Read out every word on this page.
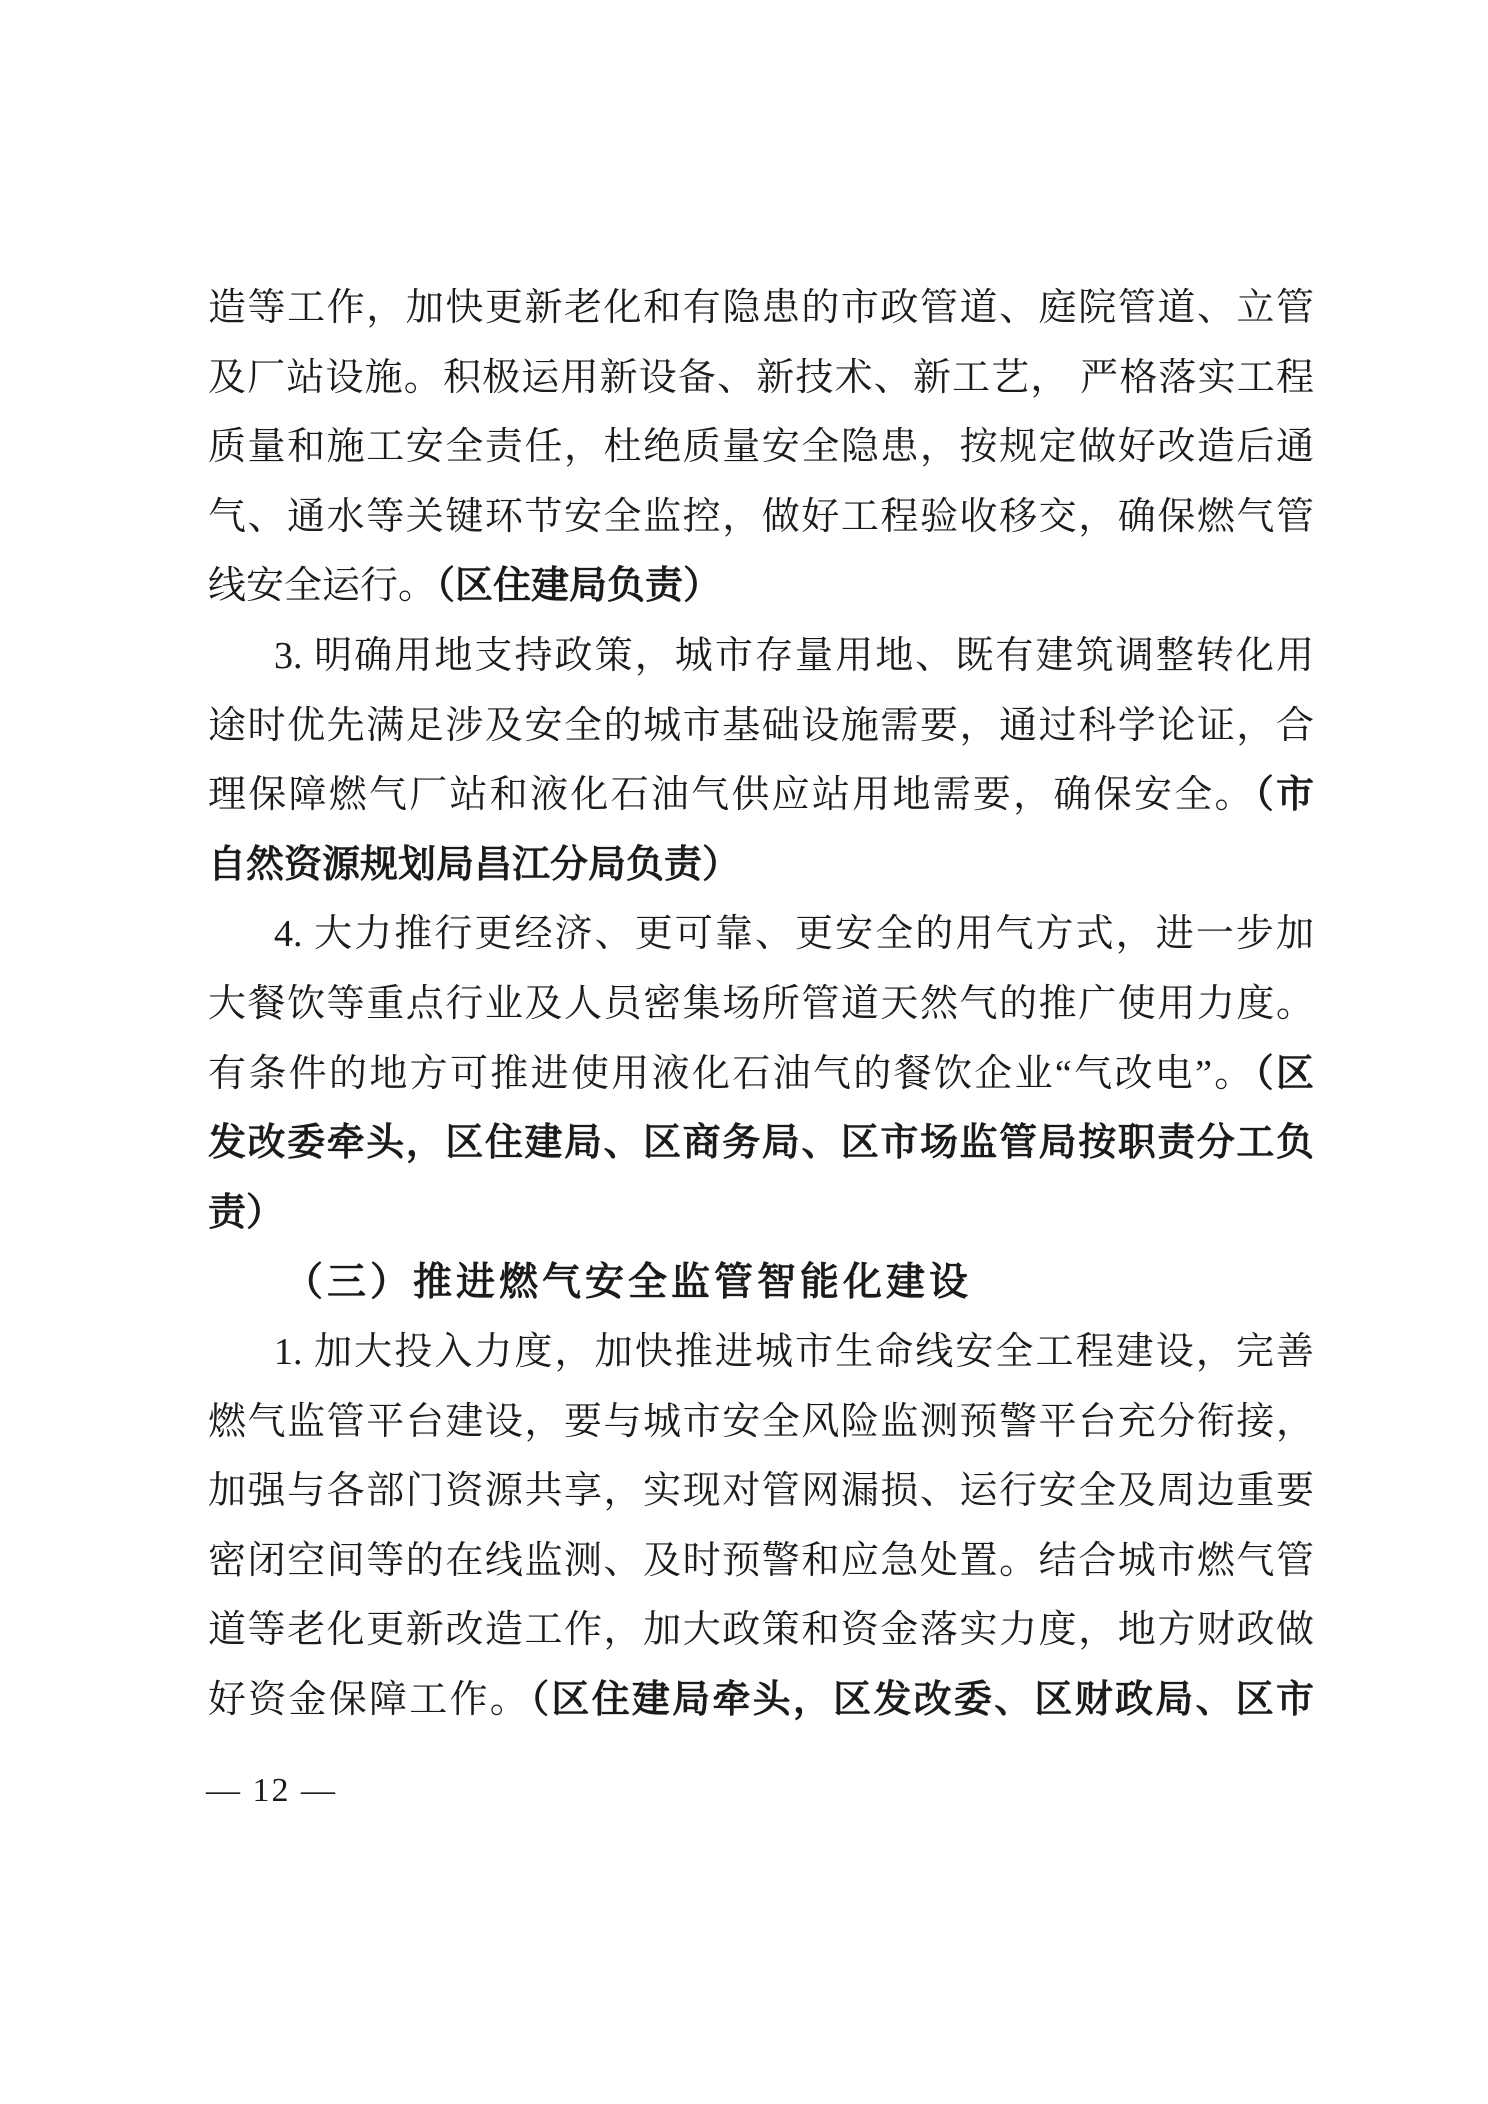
造等工作，加快更新老化和有隐患的市政管道、庭院管道、立管
及厂站设施。积极运用新设备、新技术、新工艺， 严格落实工程
质量和施工安全责任，杜绝质量安全隐患，按规定做好改造后通
气、通水等关键环节安全监控，做好工程验收移交，确保燃气管
线安全运行。（区住建局负责）
3. 明确用地支持政策，城市存量用地、既有建筑调整转化用
途时优先满足涉及安全的城市基础设施需要，通过科学论证，合
理保障燃气厂站和液化石油气供应站用地需要，确保安全。（市
自然资源规划局昌江分局负责）
4. 大力推行更经济、更可靠、更安全的用气方式，进一步加
大餐饮等重点行业及人员密集场所管道天然气的推广使用力度。
有条件的地方可推进使用液化石油气的餐饮企业“气改电”。（区
发改委牵头，区住建局、区商务局、区市场监管局按职责分工负
责）
（三）推进燃气安全监管智能化建设
1. 加大投入力度，加快推进城市生命线安全工程建设，完善
燃气监管平台建设，要与城市安全风险监测预警平台充分衔接，
加强与各部门资源共享，实现对管网漏损、运行安全及周边重要
密闭空间等的在线监测、及时预警和应急处置。结合城市燃气管
道等老化更新改造工作，加大政策和资金落实力度，地方财政做
好资金保障工作。（区住建局牵头，区发改委、区财政局、区市
— 12 —
